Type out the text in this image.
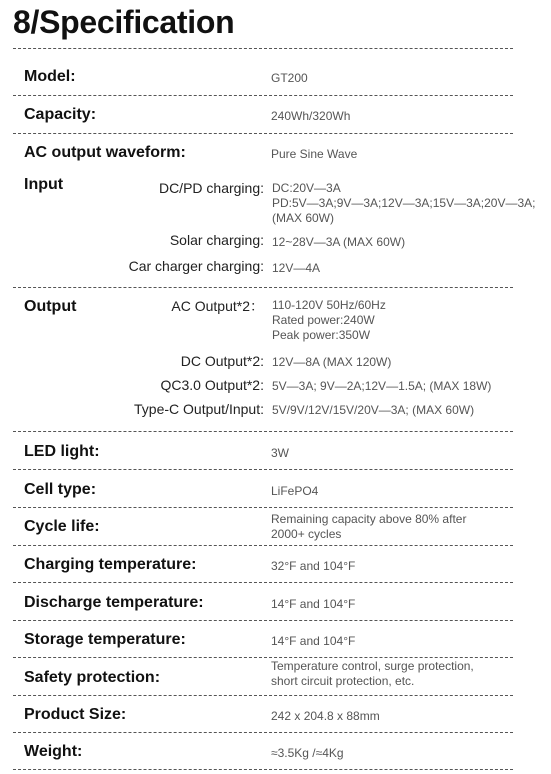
8/Specification
Model:	GT200
Capacity:	240Wh/320Wh
AC output waveform:	Pure Sine Wave
Input	DC/PD charging: DC:20V—3A
PD:5V—3A;9V—3A;12V—3A;15V—3A;20V—3A;
(MAX 60W)
Solar charging: 12~28V—3A (MAX 60W)
Car charger charging: 12V—4A
Output	AC Output*2： 110-120V 50Hz/60Hz
Rated power:240W
Peak power:350W
DC Output*2: 12V—8A (MAX 120W)
QC3.0 Output*2: 5V—3A; 9V—2A;12V—1.5A; (MAX 18W)
Type-C Output/Input: 5V/9V/12V/15V/20V—3A; (MAX 60W)
LED light:	3W
Cell type:	LiFePO4
Cycle life:	Remaining capacity above 80% after
2000+ cycles
Charging temperature:	32°F and 104°F
Discharge temperature:	14°F and 104°F
Storage temperature:	14°F and 104°F
Safety protection:
Temperature control, surge protection,
short circuit protection, etc.
Product Size:	242 x 204.8 x 88mm
Weight:	≈3.5Kg /≈4Kg
